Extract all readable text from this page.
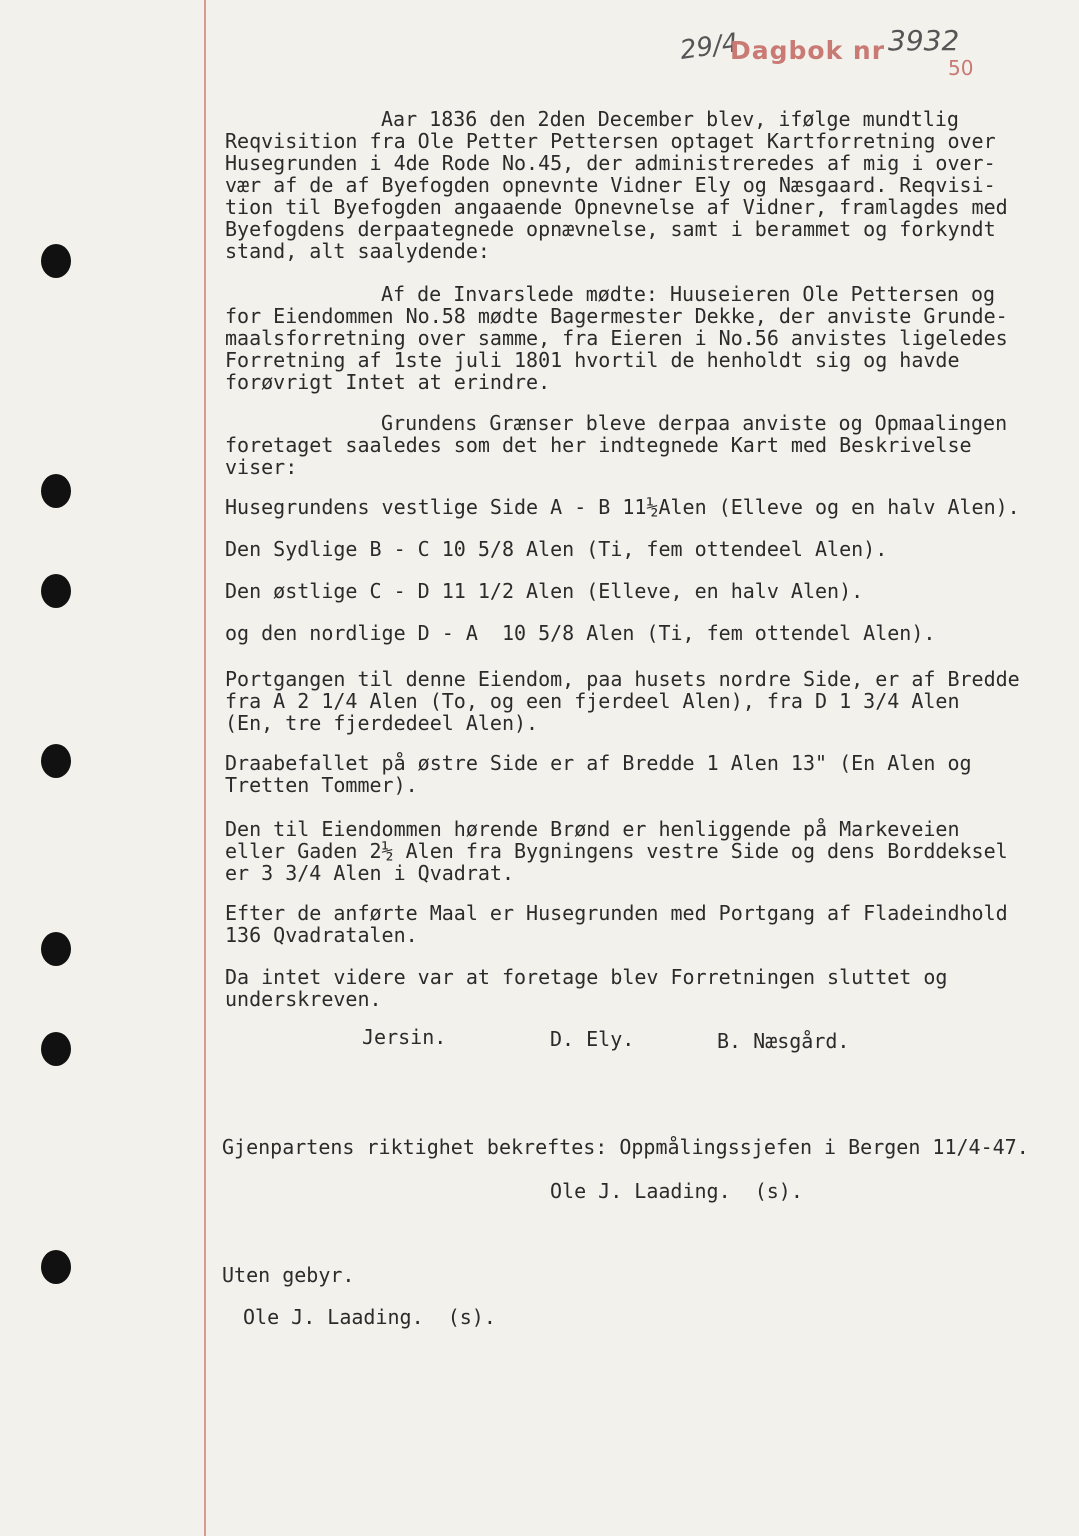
29/4
Dagbok nr 3932
50
Aar 1836 den 2den December blev, ifølge mundtlig
Reqvisition fra Ole Petter Pettersen optaget Kartforretning over
Husegrunden i 4de Rode No.45, der administreredes af mig i over-
vær af de af Byefogden opnevnte Vidner Ely og Næsgaard. Reqvisi-
tion til Byefogden angaaende Opnevnelse af Vidner, framlagdes med
Byefogdens derpaategnede opnævnelse, samt i berammet og forkyndt
stand, alt saalydende:
Af de Invarslede mødte: Huuseieren Ole Pettersen og
for Eiendommen No.58 mødte Bagermester Dekke, der anviste Grunde-
maalsforretning over samme, fra Eieren i No.56 anvistes ligeledes
Forretning af 1ste juli 1801 hvortil de henholdt sig og havde
forøvrigt Intet at erindre.
Grundens Grænser bleve derpaa anviste og Opmaalingen
foretaget saaledes som det her indtegnede Kart med Beskrivelse
viser:
Husegrundens vestlige Side A - B 11½Alen (Elleve og en halv Alen).
Den Sydlige B - C 10 5/8 Alen (Ti, fem ottendeel Alen).
Den østlige C - D 11 1/2 Alen (Elleve, en halv Alen).
og den nordlige D - A  10 5/8 Alen (Ti, fem ottendel Alen).
Portgangen til denne Eiendom, paa husets nordre Side, er af Bredde
fra A 2 1/4 Alen (To, og een fjerdeel Alen), fra D 1 3/4 Alen
(En, tre fjerdedeel Alen).
Draabefallet på østre Side er af Bredde 1 Alen 13" (En Alen og
Tretten Tommer).
Den til Eiendommen hørende Brønd er henliggende på Markeveien
eller Gaden 2½ Alen fra Bygningens vestre Side og dens Borddeksel
er 3 3/4 Alen i Qvadrat.
Efter de anførte Maal er Husegrunden med Portgang af Fladeindhold
136 Qvadratalen.
Da intet videre var at foretage blev Forretningen sluttet og
underskreven.
Jersin.	D. Ely.	B. Næsgård.
Gjenpartens riktighet bekreftes: Oppmålingssjefen i Bergen 11/4-47.
Ole J. Laading.  (s).
Uten gebyr.
Ole J. Laading.  (s).
